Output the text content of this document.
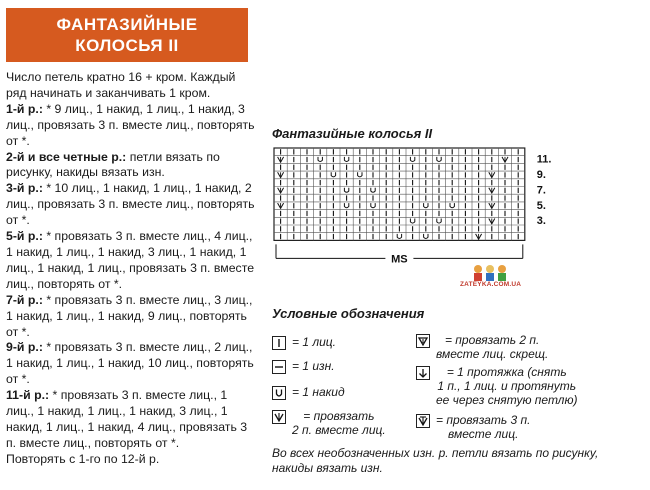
ФАНТАЗИЙНЫЕ
КОЛОСЬЯ II

Число петель кратно 16 + кром. Каждый ряд начинать и заканчивать 1 кром.

1-й р.: * 9 лиц., 1 накид, 1 лиц., 1 накид, 3 лиц., провязать 3 п. вместе лиц., повторять от *.

2-й и все четные р.: петли вязать по рисунку, накиды вязать изн.

3-й р.: * 10 лиц., 1 накид, 1 лиц., 1 накид, 2 лиц., провязать 3 п. вместе лиц., повторять от *.

5-й р.: * провязать 3 п. вместе лиц., 4 лиц., 1 накид, 1 лиц., 1 накид, 3 лиц., 1 накид, 1 лиц., 1 накид, 1 лиц., провязать 3 п. вместе лиц., повторять от *.

7-й р.: * провязать 3 п. вместе лиц., 3 лиц., 1 накид, 1 лиц., 1 накид, 9 лиц., повторять от *.

9-й р.: * провязать 3 п. вместе лиц., 2 лиц., 1 накид, 1 лиц., 1 накид, 10 лиц., повторять от *.

11-й р.: * провязать 3 п. вместе лиц., 1 лиц., 1 накид, 1 лиц., 1 накид, 3 лиц., 1 накид, 1 лиц., 1 накид, 4 лиц., провязать 3 п. вместе лиц., повторять от *.

Повторять с 1-го по 12-й р.

Фантазийные колосья II
11.
9.
7.
5.
3.
MS
ZATEYKA.COM.UA
Условные обозначения
= 1 лиц.
= 1 изн.
= 1 накид
= провязать
2 п. вместе лиц.
= провязать 2 п.
вместе лиц. скрещ.
= 1 протяжка (снять
1 п., 1 лиц. и протянуть
ее через снятую петлю)
= провязать 3 п.
вместе лиц.
Во всех необозначенных изн. р. петли вязать по рисунку, накиды вязать изн.
